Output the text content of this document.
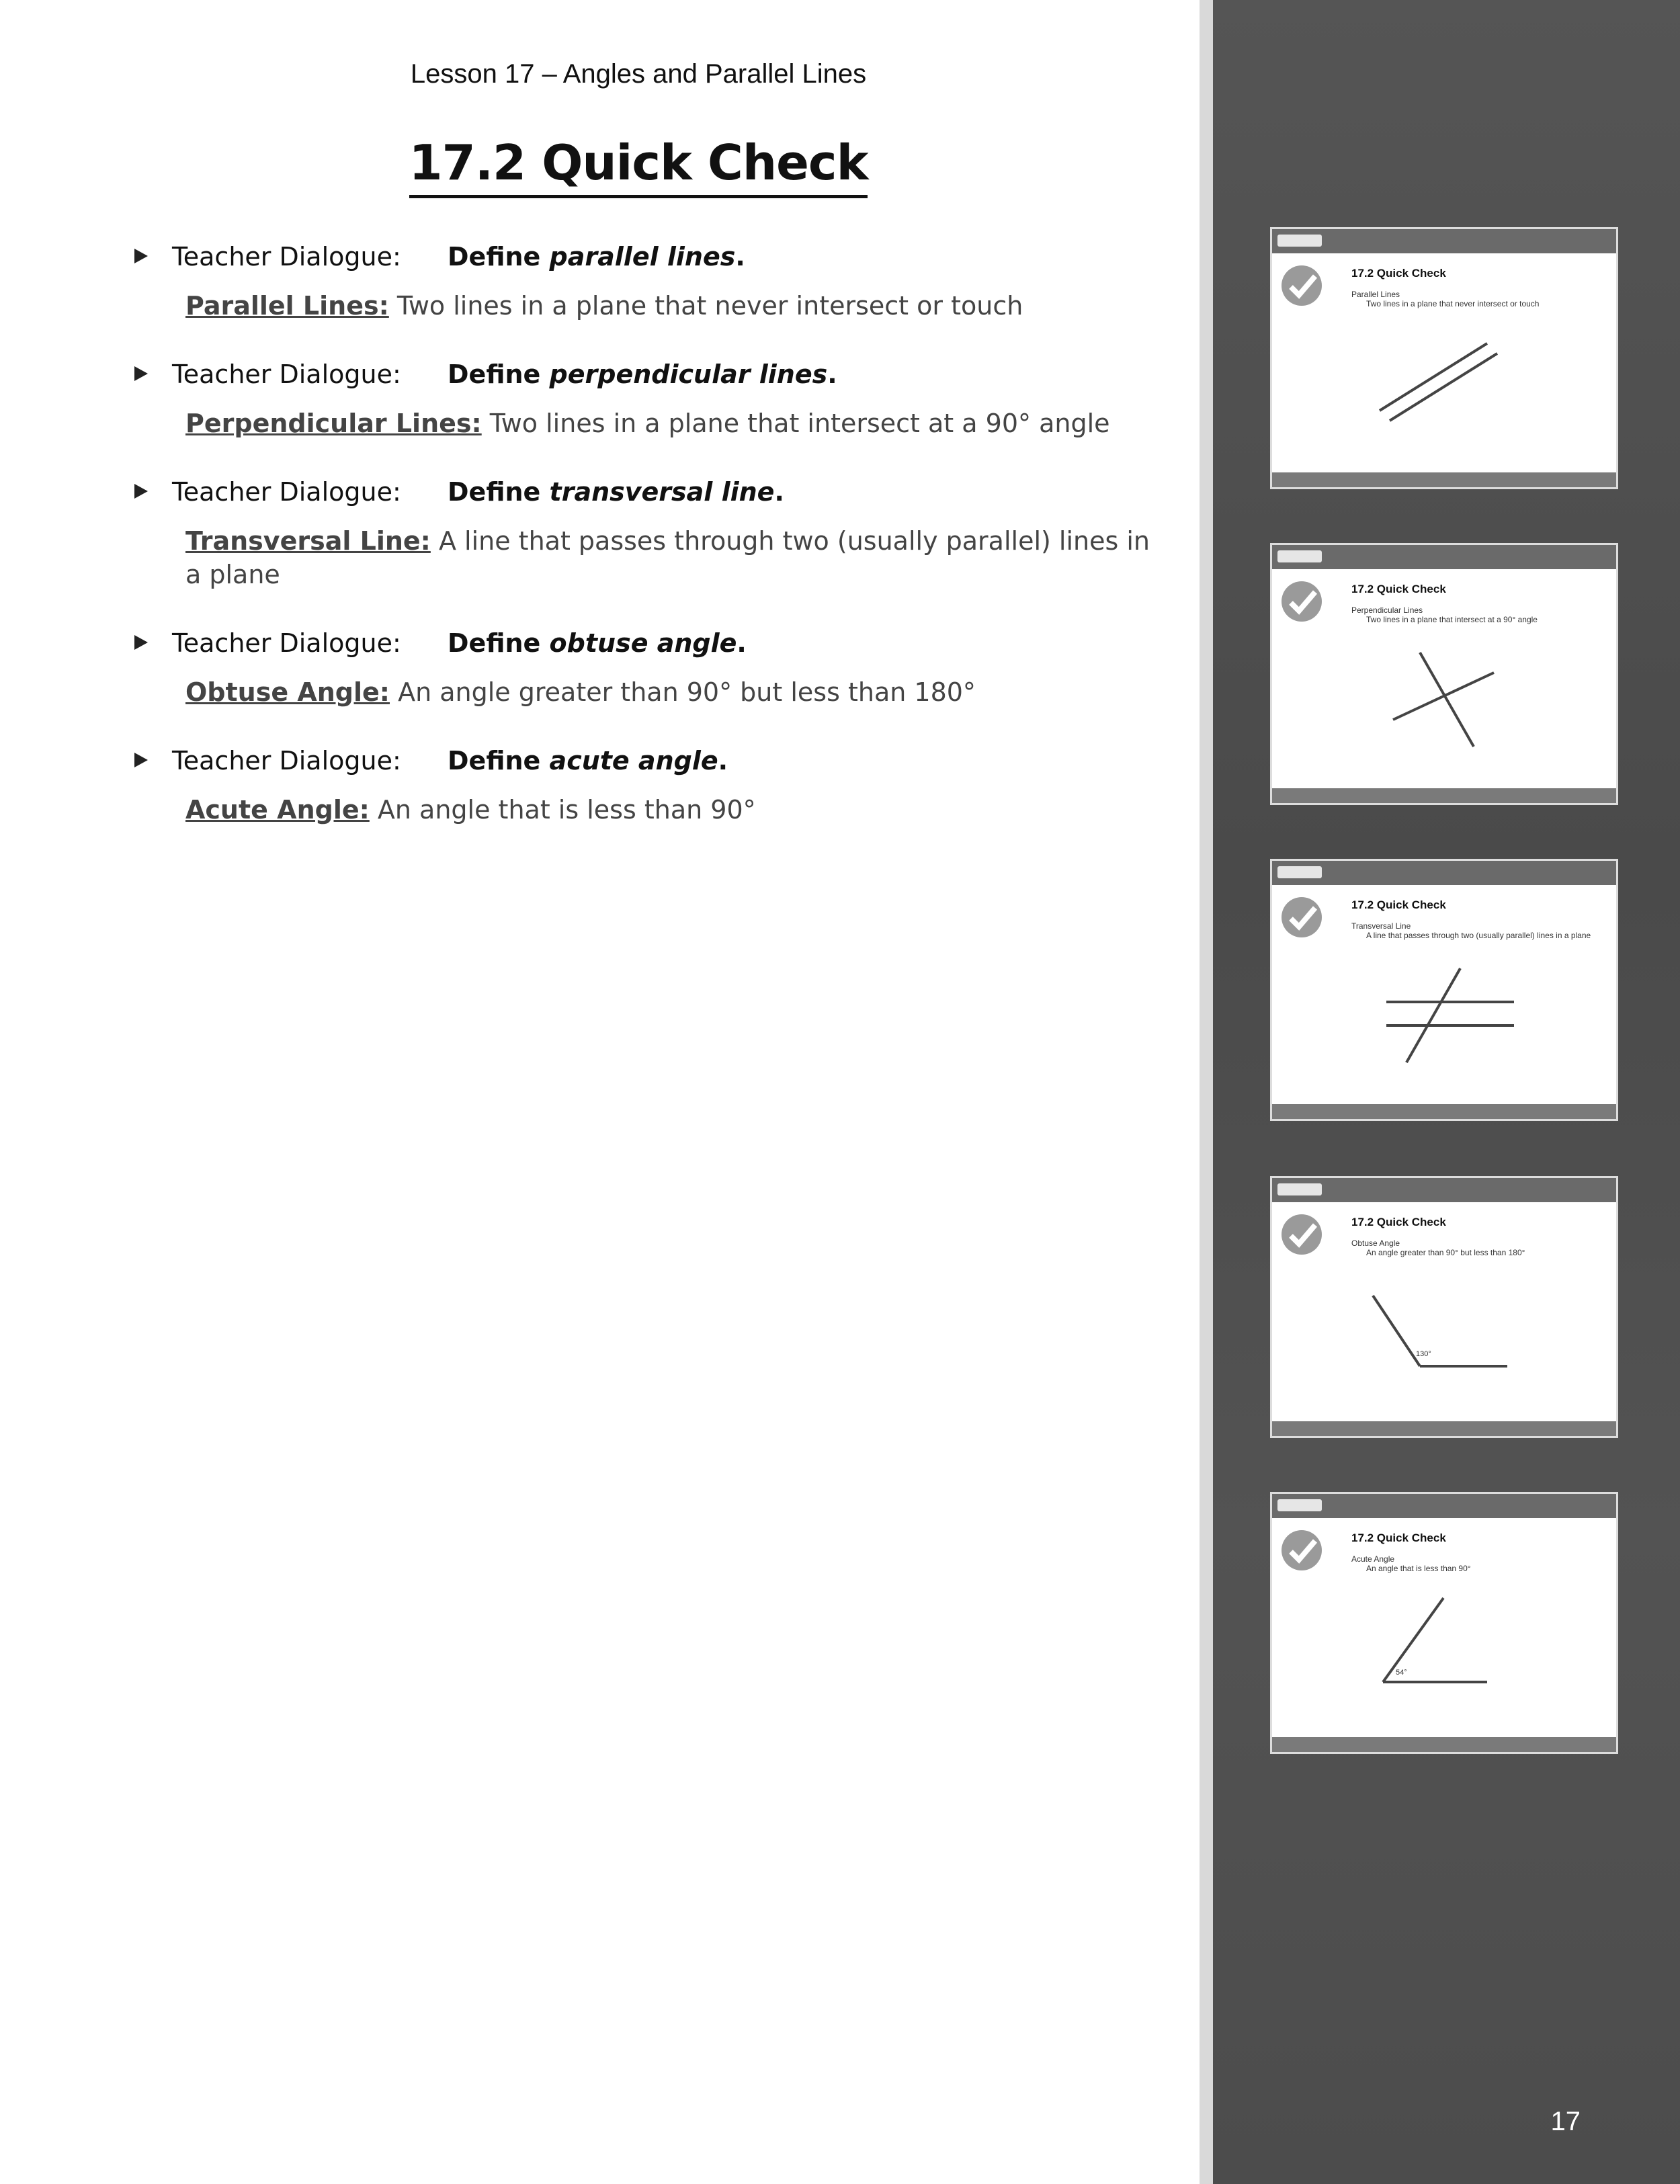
Lesson 17 – Angles and Parallel Lines
17.2 Quick Check
Teacher Dialogue: Define parallel lines.
Parallel Lines: Two lines in a plane that never intersect or touch
Teacher Dialogue: Define perpendicular lines.
Perpendicular Lines: Two lines in a plane that intersect at a 90° angle
Teacher Dialogue: Define transversal line.
Transversal Line: A line that passes through two (usually parallel) lines in a plane
Teacher Dialogue: Define obtuse angle.
Obtuse Angle: An angle greater than 90° but less than 180°
Teacher Dialogue: Define acute angle.
Acute Angle: An angle that is less than 90°
17.2 Quick Check
Parallel Lines
Two lines in a plane that never intersect or touch
17.2 Quick Check
Perpendicular Lines
Two lines in a plane that intersect at a 90° angle
17.2 Quick Check
Transversal Line
A line that passes through two (usually parallel) lines in a plane
17.2 Quick Check
Obtuse Angle
An angle greater than 90° but less than 180°
130°
17.2 Quick Check
Acute Angle
An angle that is less than 90°
54°
17
